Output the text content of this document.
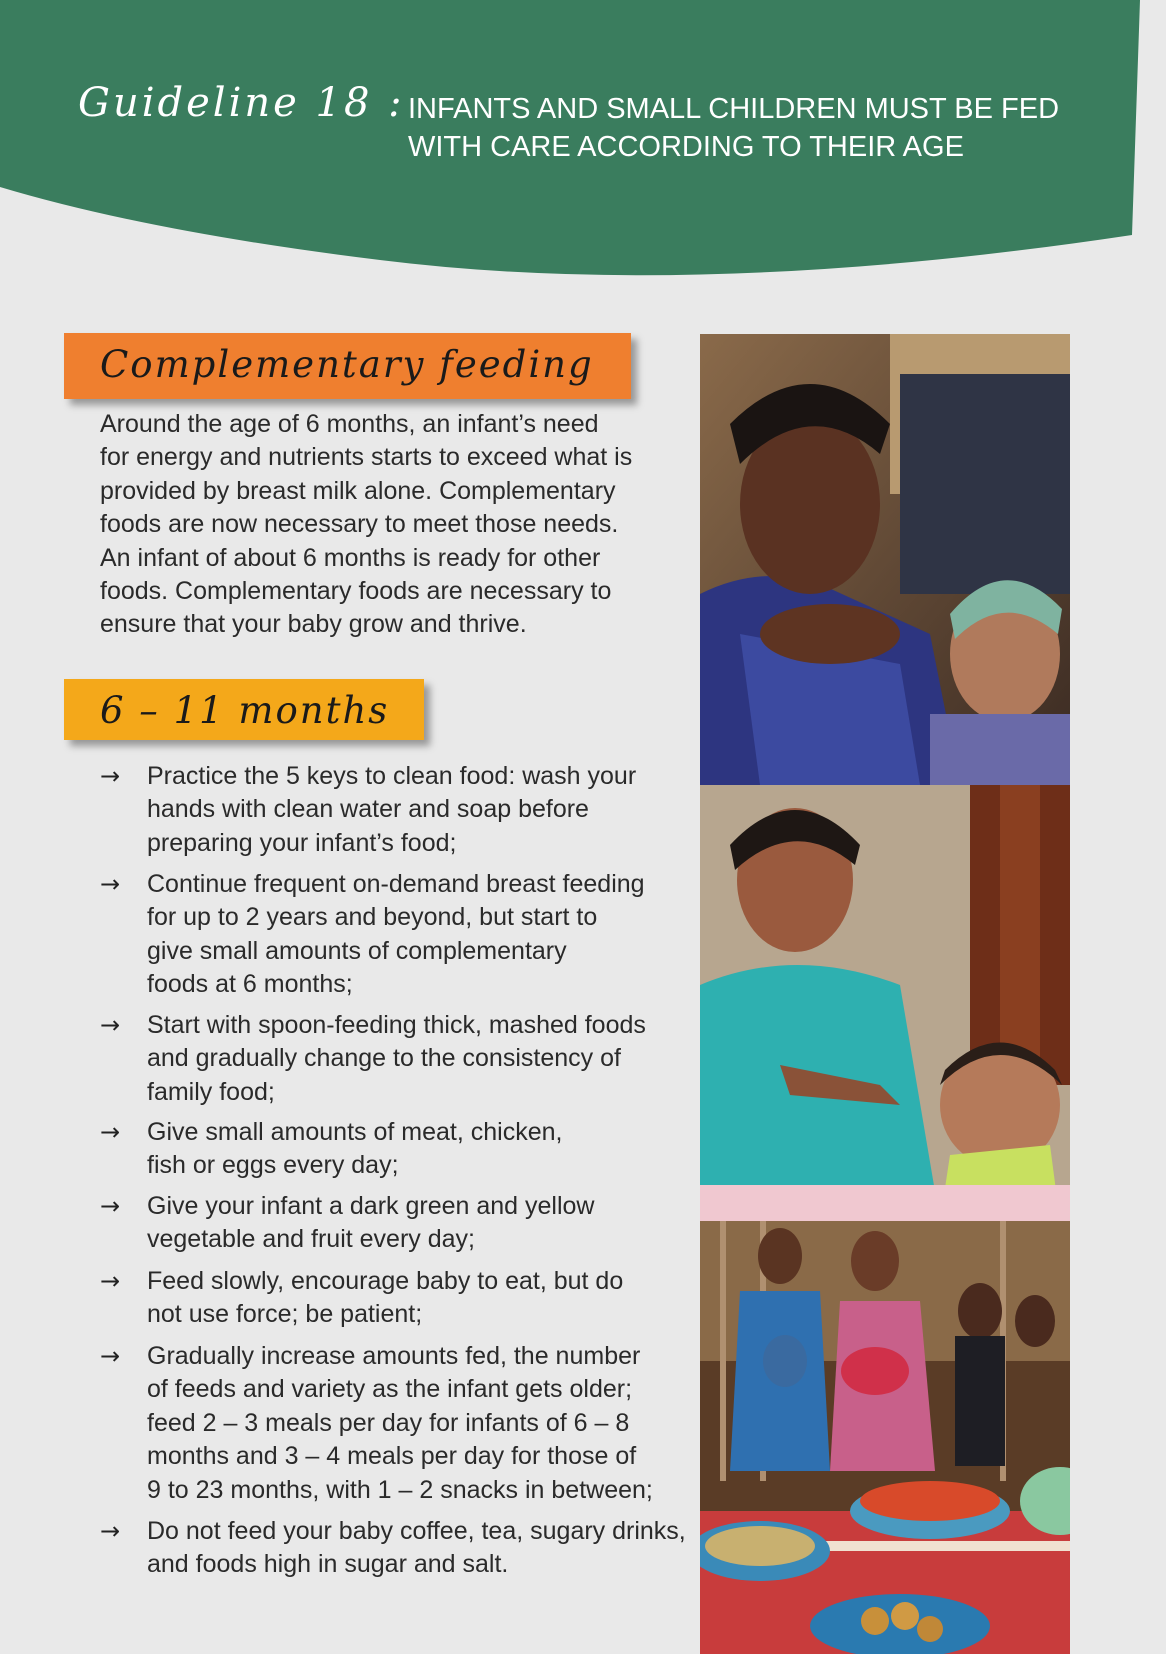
Guideline 18 : INFANTS AND SMALL CHILDREN MUST BE FED
WITH CARE ACCORDING TO THEIR AGE
Complementary feeding
Around the age of 6 months, an infant’s need
for energy and nutrients starts to exceed what is
provided by breast milk alone. Complementary
foods are now necessary to meet those needs.
An infant of about 6 months is ready for other
foods. Complementary foods are necessary to
ensure that your baby grow and thrive.
6 – 11 months
→ Practice the 5 keys to clean food: wash your
hands with clean water and soap before
preparing your infant’s food;
→ Continue frequent on-demand breast feeding
for up to 2 years and beyond, but start to
give small amounts of complementary
foods at 6 months;
→ Start with spoon-feeding thick, mashed foods
and gradually change to the consistency of
family food;
→ Give small amounts of meat, chicken,
fish or eggs every day;
→ Give your infant a dark green and yellow
vegetable and fruit every day;
→ Feed slowly, encourage baby to eat, but do
not use force; be patient;
→ Gradually increase amounts fed, the number
of feeds and variety as the infant gets older;
feed 2 – 3 meals per day for infants of 6 – 8
months and 3 – 4 meals per day for those of
9 to 23 months, with 1 – 2 snacks in between;
→ Do not feed your baby coffee, tea, sugary drinks,
and foods high in sugar and salt.
